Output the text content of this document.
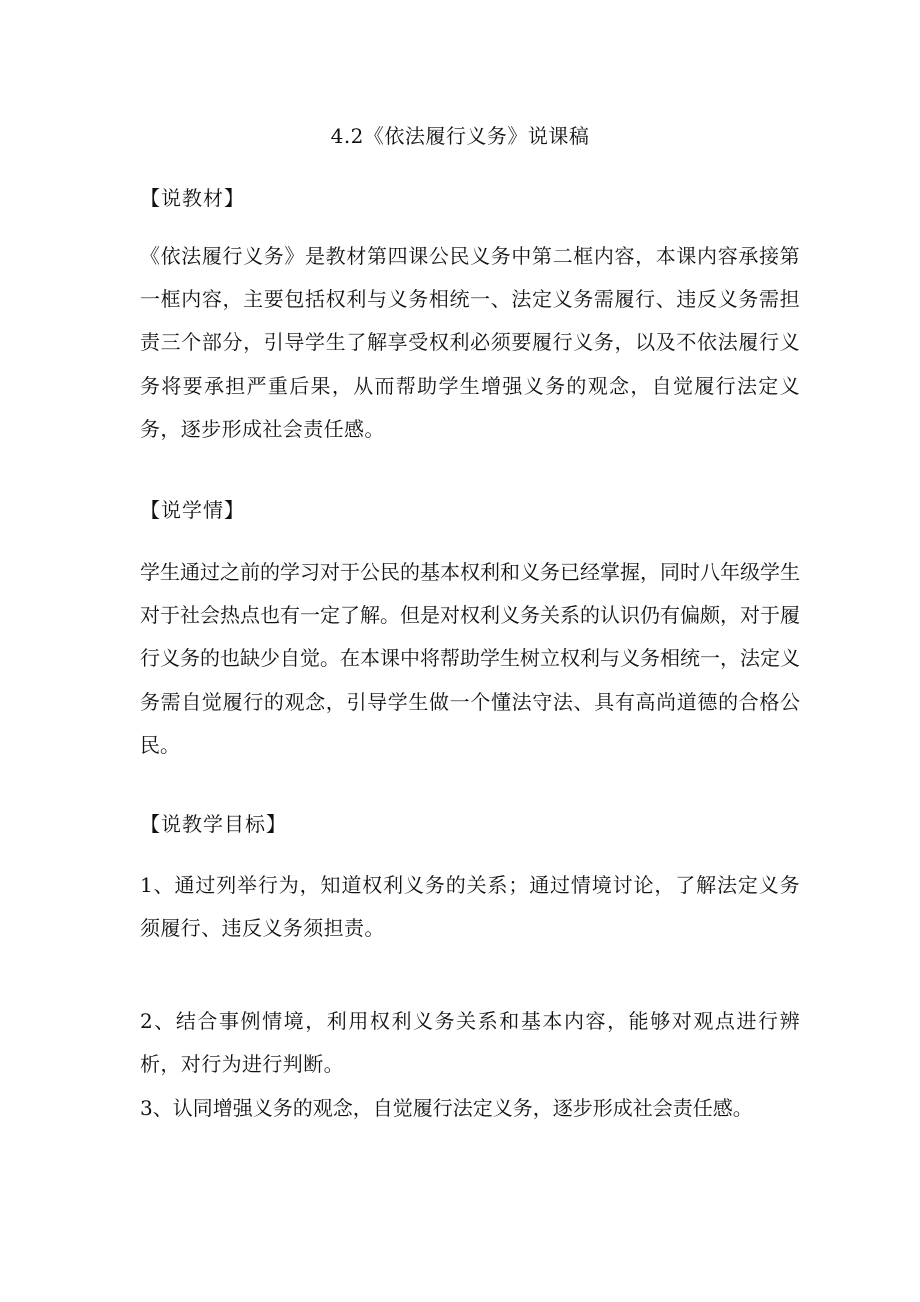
4.2《依法履行义务》说课稿
【说教材】
《依法履行义务》是教材第四课公民义务中第二框内容，本课内容承接第一框内容，主要包括权利与义务相统一、法定义务需履行、违反义务需担责三个部分，引导学生了解享受权利必须要履行义务，以及不依法履行义务将要承担严重后果，从而帮助学生增强义务的观念，自觉履行法定义务，逐步形成社会责任感。
【说学情】
学生通过之前的学习对于公民的基本权利和义务已经掌握，同时八年级学生对于社会热点也有一定了解。但是对权利义务关系的认识仍有偏颇，对于履行义务的也缺少自觉。在本课中将帮助学生树立权利与义务相统一，法定义务需自觉履行的观念，引导学生做一个懂法守法、具有高尚道德的合格公民。
【说教学目标】
1、通过列举行为，知道权利义务的关系；通过情境讨论，了解法定义务须履行、违反义务须担责。
2、结合事例情境，利用权利义务关系和基本内容，能够对观点进行辨析，对行为进行判断。
3、认同增强义务的观念，自觉履行法定义务，逐步形成社会责任感。
